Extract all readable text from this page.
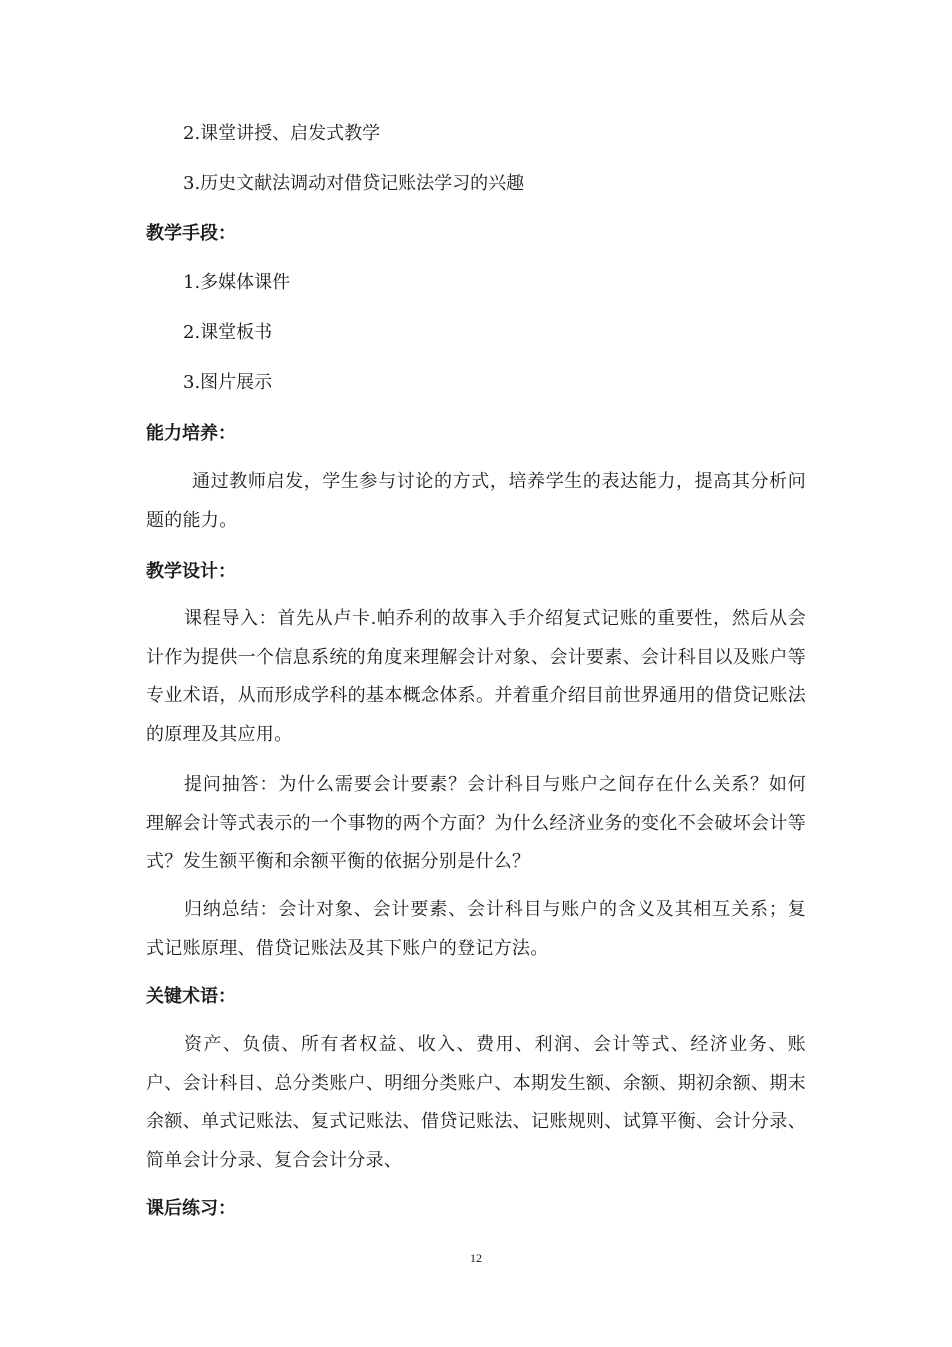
2.课堂讲授、启发式教学
3.历史文献法调动对借贷记账法学习的兴趣
教学手段：
1.多媒体课件
2.课堂板书
3.图片展示
能力培养：
通过教师启发，学生参与讨论的方式，培养学生的表达能力，提高其分析问题的能力。
教学设计：
课程导入：首先从卢卡.帕乔利的故事入手介绍复式记账的重要性，然后从会计作为提供一个信息系统的角度来理解会计对象、会计要素、会计科目以及账户等专业术语，从而形成学科的基本概念体系。并着重介绍目前世界通用的借贷记账法的原理及其应用。
提问抽答：为什么需要会计要素？会计科目与账户之间存在什么关系？如何理解会计等式表示的一个事物的两个方面？为什么经济业务的变化不会破坏会计等式？发生额平衡和余额平衡的依据分别是什么？
归纳总结：会计对象、会计要素、会计科目与账户的含义及其相互关系；复式记账原理、借贷记账法及其下账户的登记方法。
关键术语：
资产、负债、所有者权益、收入、费用、利润、会计等式、经济业务、账户、会计科目、总分类账户、明细分类账户、本期发生额、余额、期初余额、期末余额、单式记账法、复式记账法、借贷记账法、记账规则、试算平衡、会计分录、简单会计分录、复合会计分录、
课后练习：
12
